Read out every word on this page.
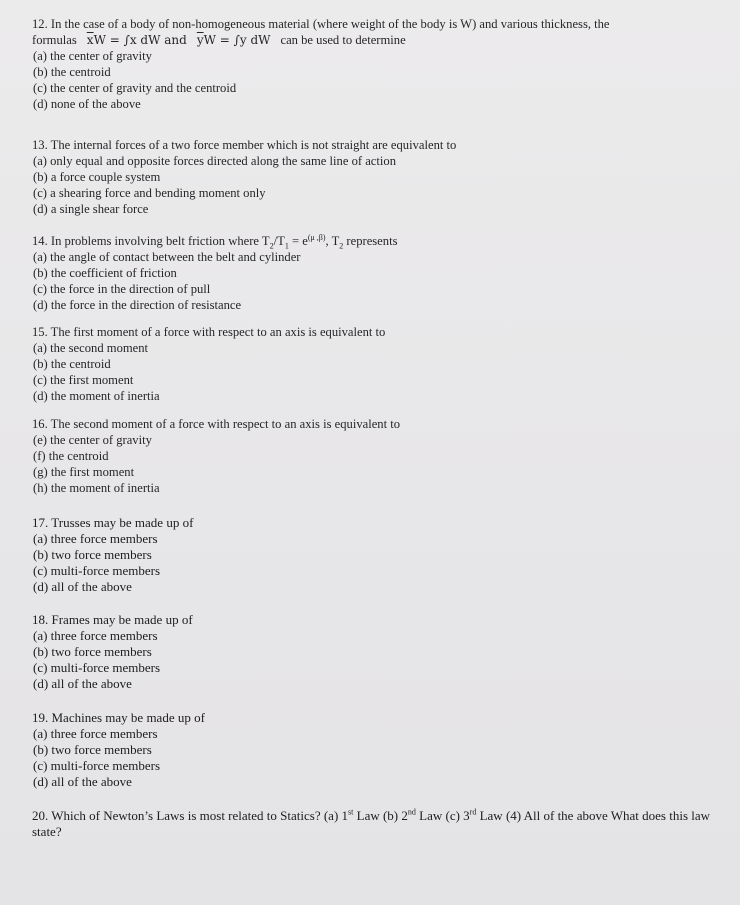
12. In the case of a body of non-homogeneous material (where weight of the body is W) and various thickness, the

formulas $\overline{x}W = \int x$ dW and $\overline{y}W = \int y$ dW can be used to determine

(a) the center of gravity

(b) the centroid

(c) the center of gravity and the centroid

(d) none of the above

13. The internal forces of a two force member which is not straight are equivalent to

(a) only equal and opposite forces directed along the same line of action

(b) a force couple system

(c) a shearing force and bending moment only

(d) a single shear force

14. In problems involving belt friction where $T_2/T_1 = e^{(\mu ,\beta)}$, $T_2$ represents

(a) the angle of contact between the belt and cylinder

(b) the coefficient of friction

(c) the force in the direction of pull

(d) the force in the direction of resistance

15. The first moment of a force with respect to an axis is equivalent to

(a) the second moment

(b) the centroid

(c) the first moment

(d) the moment of inertia

16. The second moment of a force with respect to an axis is equivalent to

(e) the center of gravity

(f) the centroid

(g) the first moment

(h) the moment of inertia

17. Trusses may be made up of

(a) three force members

(b) two force members

(c) multi-force members

(d) all of the above

18. Frames may be made up of

(a) three force members

(b) two force members

(c) multi-force members

(d) all of the above

19. Machines may be made up of

(a) three force members

(b) two force members

(c) multi-force members

(d) all of the above

20. Which of Newton’s Laws is most related to Statics? (a) 1st Law (b) 2nd Law (c) 3rd Law (4) All of the above What does this law state?
